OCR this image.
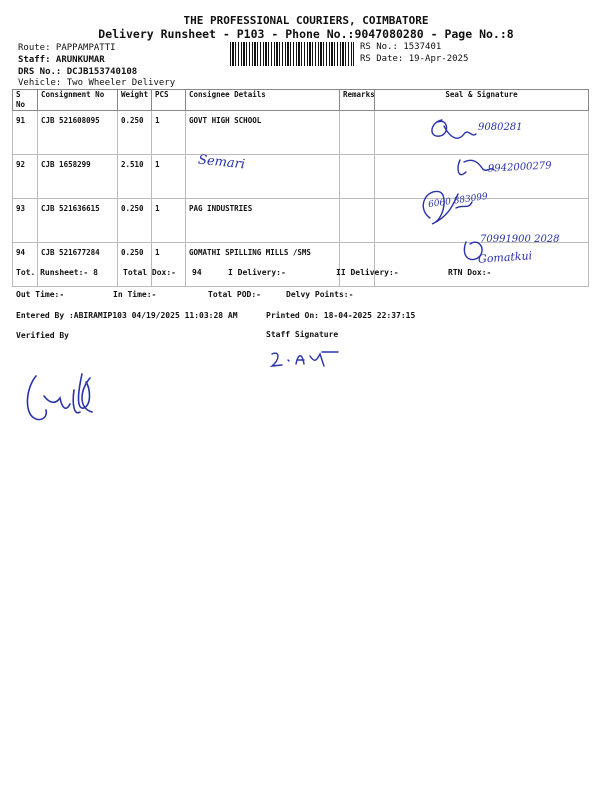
THE PROFESSIONAL COURIERS, COIMBATORE
Delivery Runsheet - P103 - Phone No.:9047080280 - Page No.:8
Route: PAPPAMPATTI
Staff: ARUNKUMAR
DRS No.: DCJB153740108
Vehicle: Two Wheeler Delivery
RS No.: 1537401
RS Date: 19-Apr-2025
S No	Consignment No	Weight	PCS	Consignee Details	Remarks	Seal & Signature
91	CJB 521608095	0.250	1	GOVT HIGH SCHOOL		
92	CJB 1658299	2.510	1			
93	CJB 521636615	0.250	1	PAG INDUSTRIES		
94	CJB 521677284	0.250	1	GOMATHI SPILLING MILLS /SMS		
Tot. Runsheet:- 8	Total Dox:- 94	I Delivery:-	II Delivery:-	RTN Dox:-
Out Time:-	In Time:-	Total POD:-	Delvy Points:-
Entered By :ABIRAMIP103 04/19/2025 11:03:28 AM	Printed On: 18-04-2025 22:37:15
Verified By	Staff Signature
Semari
9080281
9942000279
6060 883099
70991900 2028
Gomatkui
